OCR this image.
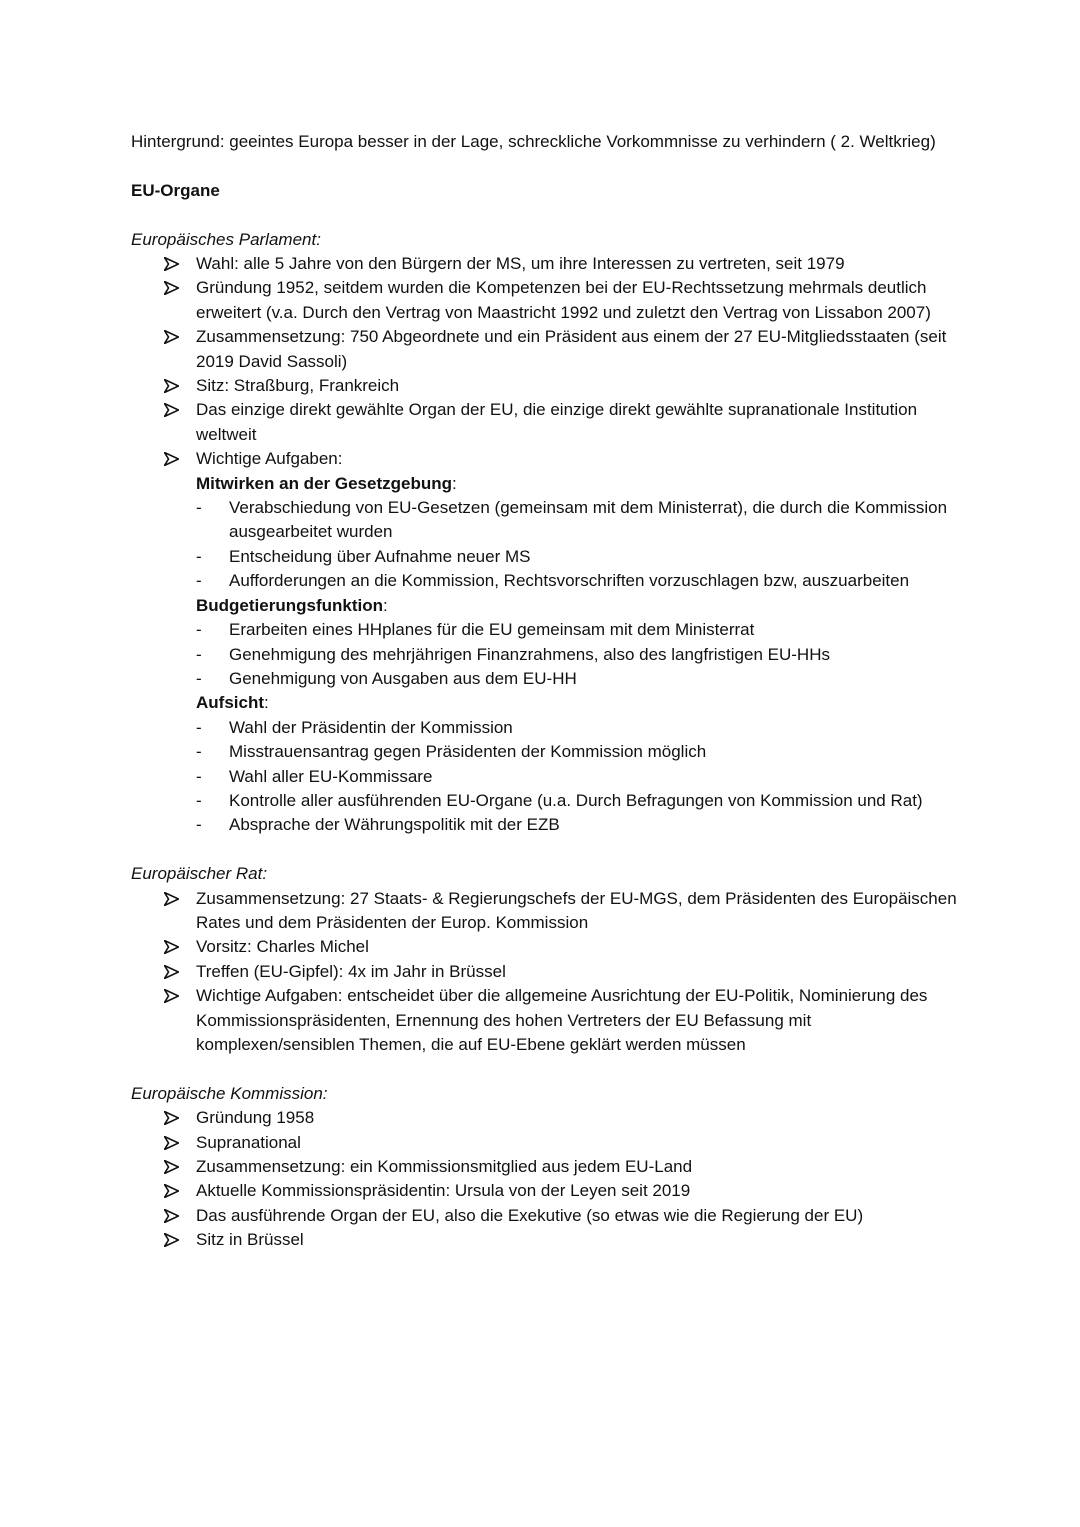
Hintergrund: geeintes Europa besser in der Lage, schreckliche Vorkommnisse zu verhindern ( 2. Weltkrieg)

EU-Organe

Europäisches Parlament:

Wahl: alle 5 Jahre von den Bürgern der MS, um ihre Interessen zu vertreten, seit 1979
Gründung 1952, seitdem wurden die Kompetenzen bei der EU-Rechtssetzung mehrmals deutlich erweitert (v.a. Durch den Vertrag von Maastricht 1992 und zuletzt den Vertrag von Lissabon 2007)
Zusammensetzung: 750 Abgeordnete und ein Präsident aus einem der 27 EU-Mitgliedsstaaten (seit 2019 David Sassoli)
Sitz: Straßburg, Frankreich
Das einzige direkt gewählte Organ der EU, die einzige direkt gewählte supranationale Institution weltweit
Wichtige Aufgaben:
Mitwirken an der Gesetzgebung:
- Verabschiedung von EU-Gesetzen (gemeinsam mit dem Ministerrat), die durch die Kommission ausgearbeitet wurden
- Entscheidung über Aufnahme neuer MS
- Aufforderungen an die Kommission, Rechtsvorschriften vorzuschlagen bzw, auszuarbeiten
Budgetierungsfunktion:
- Erarbeiten eines HHplanes für die EU gemeinsam mit dem Ministerrat
- Genehmigung des mehrjährigen Finanzrahmens, also des langfristigen EU-HHs
- Genehmigung von Ausgaben aus dem EU-HH
Aufsicht:
- Wahl der Präsidentin der Kommission
- Misstrauensantrag gegen Präsidenten der Kommission möglich
- Wahl aller EU-Kommissare
- Kontrolle aller ausführenden EU-Organe (u.a. Durch Befragungen von Kommission und Rat)
- Absprache der Währungspolitik mit der EZB

Europäischer Rat:

Zusammensetzung: 27 Staats- & Regierungschefs der EU-MGS, dem Präsidenten des Europäischen Rates und dem Präsidenten der Europ. Kommission
Vorsitz: Charles Michel
Treffen (EU-Gipfel): 4x im Jahr in Brüssel
Wichtige Aufgaben: entscheidet über die allgemeine Ausrichtung der EU-Politik, Nominierung des Kommissionspräsidenten, Ernennung des hohen Vertreters der EU Befassung mit komplexen/sensiblen Themen, die auf EU-Ebene geklärt werden müssen

Europäische Kommission:

Gründung 1958
Supranational
Zusammensetzung: ein Kommissionsmitglied aus jedem EU-Land
Aktuelle Kommissionspräsidentin: Ursula von der Leyen seit 2019
Das ausführende Organ der EU, also die Exekutive (so etwas wie die Regierung der EU)
Sitz in Brüssel
